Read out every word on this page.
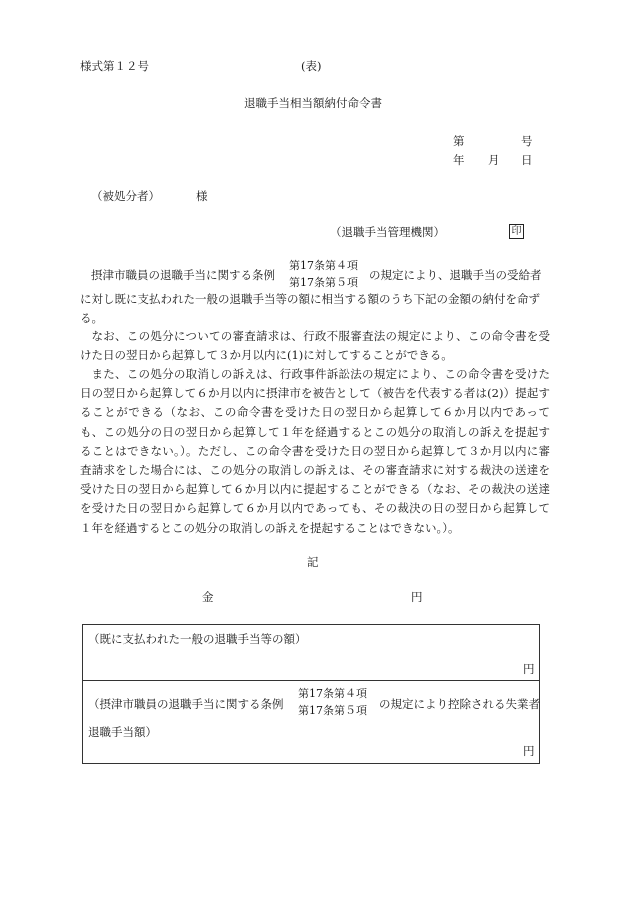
様式第１２号	(表)
退職手当相当額納付命令書
第	号
年 月 日
（被処分者）	様
（退職手当管理機関）	印
摂津市職員の退職手当に関する条例
第17条第４項
第17条第５項
の規定により、退職手当の受給者
に対し既に支払われた一般の退職手当等の額に相当する額のうち下記の金額の納付を命ず
る。
なお、この処分についての審査請求は、行政不服審査法の規定により、この命令書を受けた日の翌日から起算して３か月以内に(1)に対してすることができる。
また、この処分の取消しの訴えは、行政事件訴訟法の規定により、この命令書を受けた日の翌日から起算して６か月以内に摂津市を被告として（被告を代表する者は(2)）提起することができる（なお、この命令書を受けた日の翌日から起算して６か月以内であっても、この処分の日の翌日から起算して１年を経過するとこの処分の取消しの訴えを提起することはできない。）。ただし、この命令書を受けた日の翌日から起算して３か月以内に審査請求をした場合には、この処分の取消しの訴えは、その審査請求に対する裁決の送達を受けた日の翌日から起算して６か月以内に提起することができる（なお、その裁決の送達を受けた日の翌日から起算して６か月以内であっても、その裁決の日の翌日から起算して１年を経過するとこの処分の取消しの訴えを提起することはできない。）。
記
金	円
（既に支払われた一般の退職手当等の額）
円
（摂津市職員の退職手当に関する条例
第17条第４項
第17条第５項 の規定により控除される失業者
退職手当額）
円
